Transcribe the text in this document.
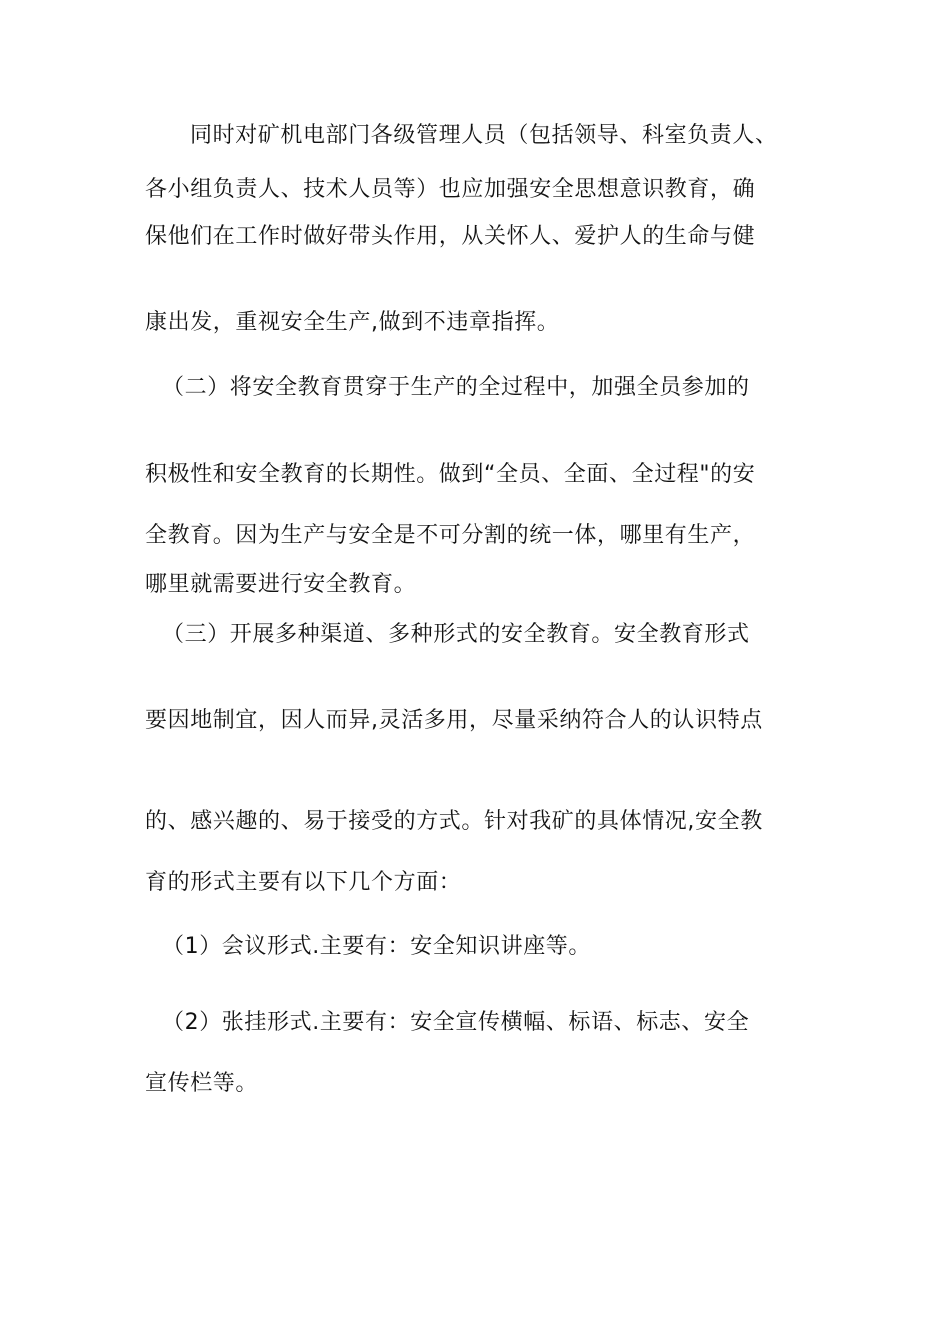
同时对矿机电部门各级管理人员（包括领导、科室负责人、
各小组负责人、技术人员等）也应加强安全思想意识教育，确
保他们在工作时做好带头作用，从关怀人、爱护人的生命与健
康出发，重视安全生产,做到不违章指挥。
（二）将安全教育贯穿于生产的全过程中，加强全员参加的
积极性和安全教育的长期性。做到“全员、全面、全过程"的安
全教育。因为生产与安全是不可分割的统一体，哪里有生产，
哪里就需要进行安全教育。
（三）开展多种渠道、多种形式的安全教育。安全教育形式
要因地制宜，因人而异,灵活多用，尽量采纳符合人的认识特点
的、感兴趣的、易于接受的方式。针对我矿的具体情况,安全教
育的形式主要有以下几个方面：
（1）会议形式.主要有：安全知识讲座等。
（2）张挂形式.主要有：安全宣传横幅、标语、标志、安全
宣传栏等。
